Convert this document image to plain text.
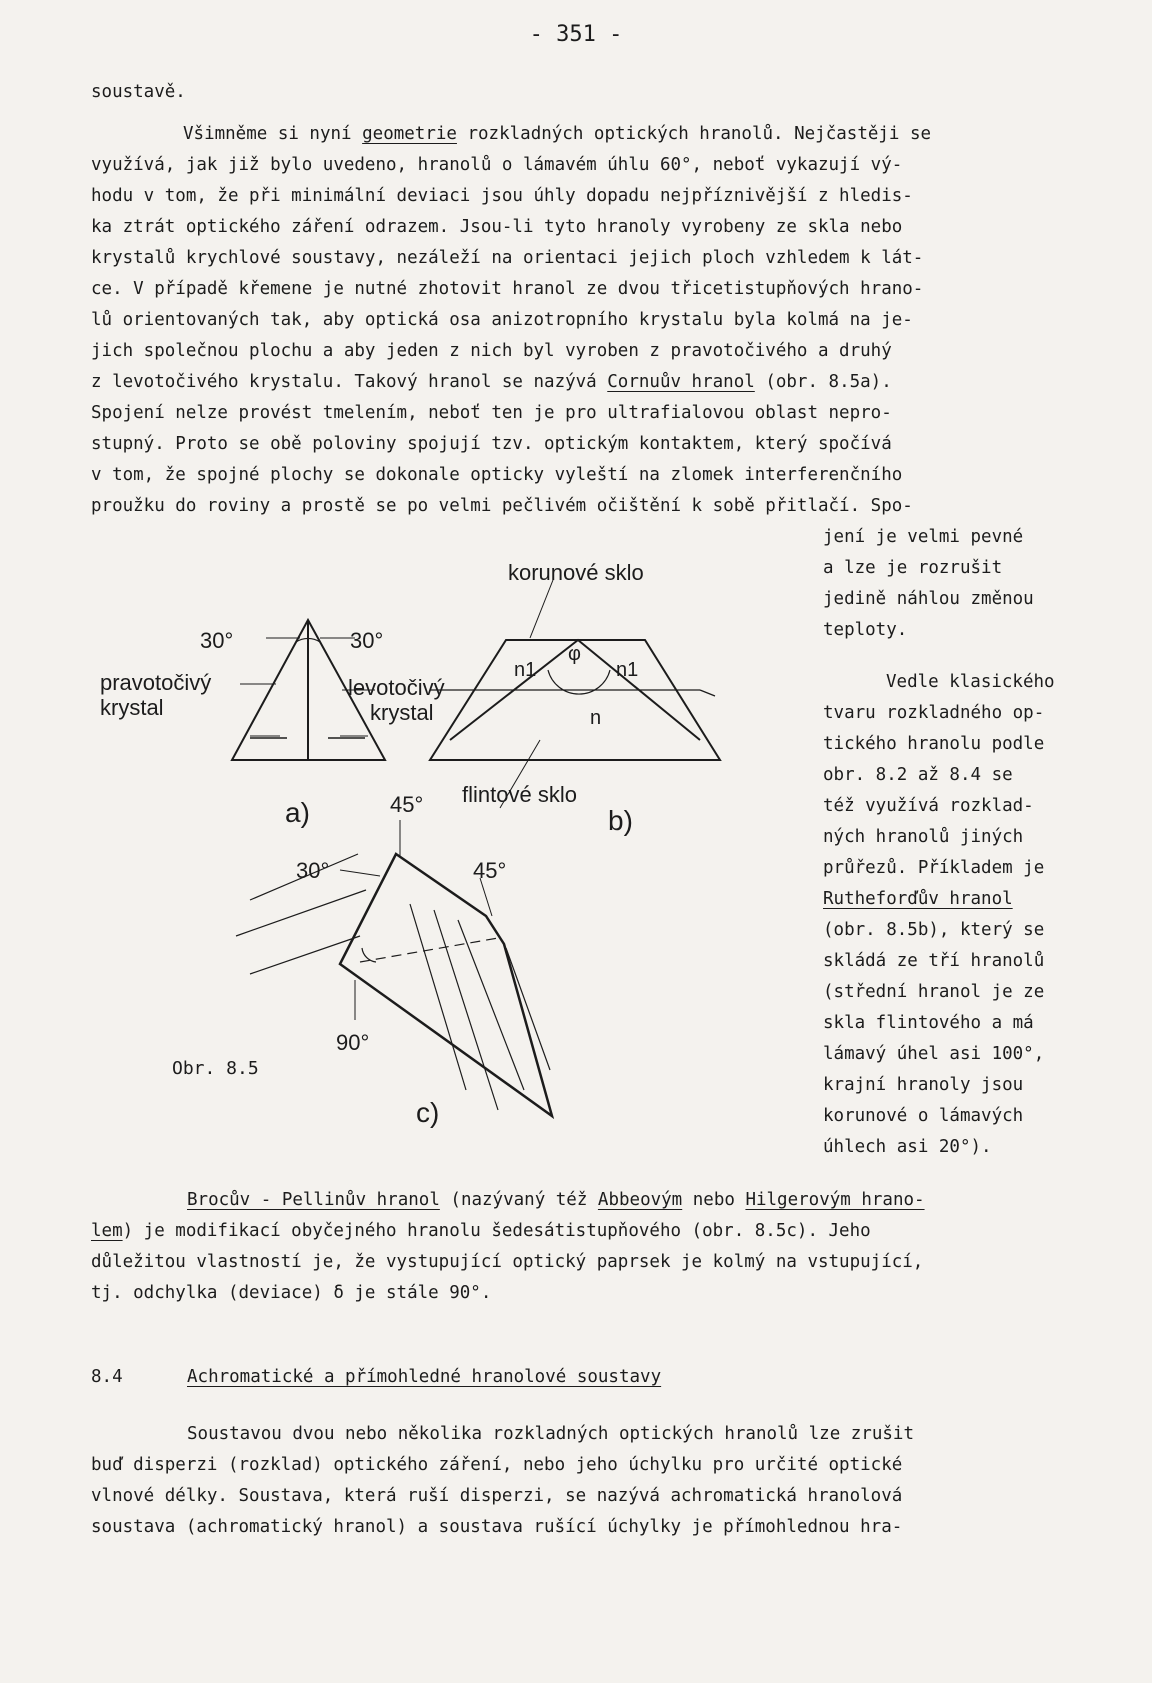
- 351 -
soustavě.
Všimněme si nyní geometrie rozkladných optických hranolů. Nejčastěji se
využívá, jak již bylo uvedeno, hranolů o lámavém úhlu 60°, neboť vykazují vý-
hodu v tom, že při minimální deviaci jsou úhly dopadu nejpříznivější z hledis-
ka ztrát optického záření odrazem. Jsou-li tyto hranoly vyrobeny ze skla nebo
krystalů krychlové soustavy, nezáleží na orientaci jejich ploch vzhledem k lát-
ce. V případě křemene je nutné zhotovit hranol ze dvou třicetistupňových hrano-
lů orientovaných tak, aby optická osa anizotropního krystalu byla kolmá na je-
jich společnou plochu a aby jeden z nich byl vyroben z pravotočivého a druhý
z levotočivého krystalu. Takový hranol se nazývá Cornuův hranol (obr. 8.5a).
Spojení nelze provést tmelením, neboť ten je pro ultrafialovou oblast nepro-
stupný. Proto se obě poloviny spojují tzv. optickým kontaktem, který spočívá
v tom, že spojné plochy se dokonale opticky vyleští na zlomek interferenčního
proužku do roviny a prostě se po velmi pečlivém očištění k sobě přitlačí. Spo-
jení je velmi pevné
a lze je rozrušit
jedině náhlou změnou
teploty.
Vedle klasického
tvaru rozkladného op-
tického hranolu podle
obr. 8.2 až 8.4 se
též využívá rozklad-
ných hranolů jiných
průřezů. Příkladem je
Rutheforďův hranol
(obr. 8.5b), který se
skládá ze tří hranolů
(střední hranol je ze
skla flintového a má
lámavý úhel asi 100°,
krajní hranoly jsou
korunové o lámavých
úhlech asi 20°).
Brocův - Pellinův hranol (nazývaný též Abbeovým nebo Hilgerovým hrano-
lem) je modifikací obyčejného hranolu šedesátistupňového (obr. 8.5c). Jeho
důležitou vlastností je, že vystupující optický paprsek je kolmý na vstupující,
tj. odchylka (deviace) δ je stále 90°.
8.4	Achromatické a přímohledné hranolové soustavy
Soustavou dvou nebo několika rozkladných optických hranolů lze zrušit
buď disperzi (rozklad) optického záření, nebo jeho úchylku pro určité optické
vlnové délky. Soustava, která ruší disperzi, se nazývá achromatická hranolová
soustava (achromatický hranol) a soustava rušící úchylky je přímohlednou hra-
30°	30°
pravotočivý
krystal
levotočivý
krystal
a)
korunové sklo
n1
φ
n1
n
flintové sklo
b)
45°
30°	45°
90°
c)
Obr. 8.5
